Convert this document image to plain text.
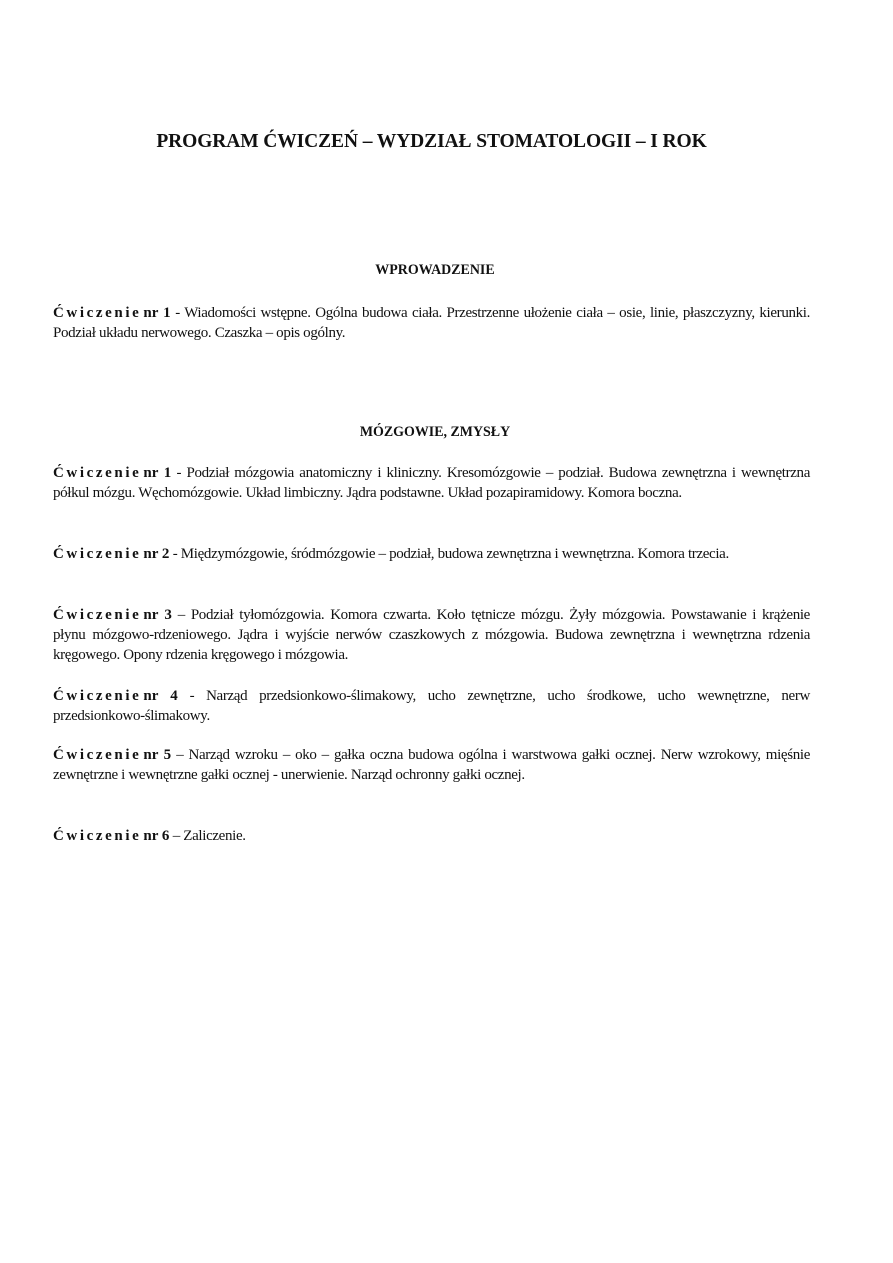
PROGRAM ĆWICZEŃ – WYDZIAŁ STOMATOLOGII – I ROK
WPROWADZENIE

Ćwiczenie nr 1 - Wiadomości wstępne. Ogólna budowa ciała. Przestrzenne ułożenie ciała – osie, linie, płaszczyzny, kierunki. Podział układu nerwowego. Czaszka – opis ogólny.

MÓZGOWIE, ZMYSŁY

Ćwiczenie nr 1 - Podział mózgowia anatomiczny i kliniczny. Kresomózgowie – podział. Budowa zewnętrzna i wewnętrzna półkul mózgu. Węchomózgowie. Układ limbiczny. Jądra podstawne. Układ pozapiramidowy. Komora boczna.

Ćwiczenie nr 2 - Międzymózgowie, śródmózgowie – podział, budowa zewnętrzna i wewnętrzna. Komora trzecia.

Ćwiczenie nr 3 – Podział tyłomózgowia. Komora czwarta. Koło tętnicze mózgu. Żyły mózgowia. Powstawanie i krążenie płynu mózgowo-rdzeniowego. Jądra i wyjście nerwów czaszkowych z mózgowia. Budowa zewnętrzna i wewnętrzna rdzenia kręgowego. Opony rdzenia kręgowego i mózgowia.

Ćwiczenie nr 4 - Narząd przedsionkowo-ślimakowy, ucho zewnętrzne, ucho środkowe, ucho wewnętrzne, nerw przedsionkowo-ślimakowy.

Ćwiczenie nr 5 – Narząd wzroku – oko – gałka oczna budowa ogólna i warstwowa gałki ocznej. Nerw wzrokowy, mięśnie zewnętrzne i wewnętrzne gałki ocznej - unerwienie. Narząd ochronny gałki ocznej.

Ćwiczenie nr 6 – Zaliczenie.
